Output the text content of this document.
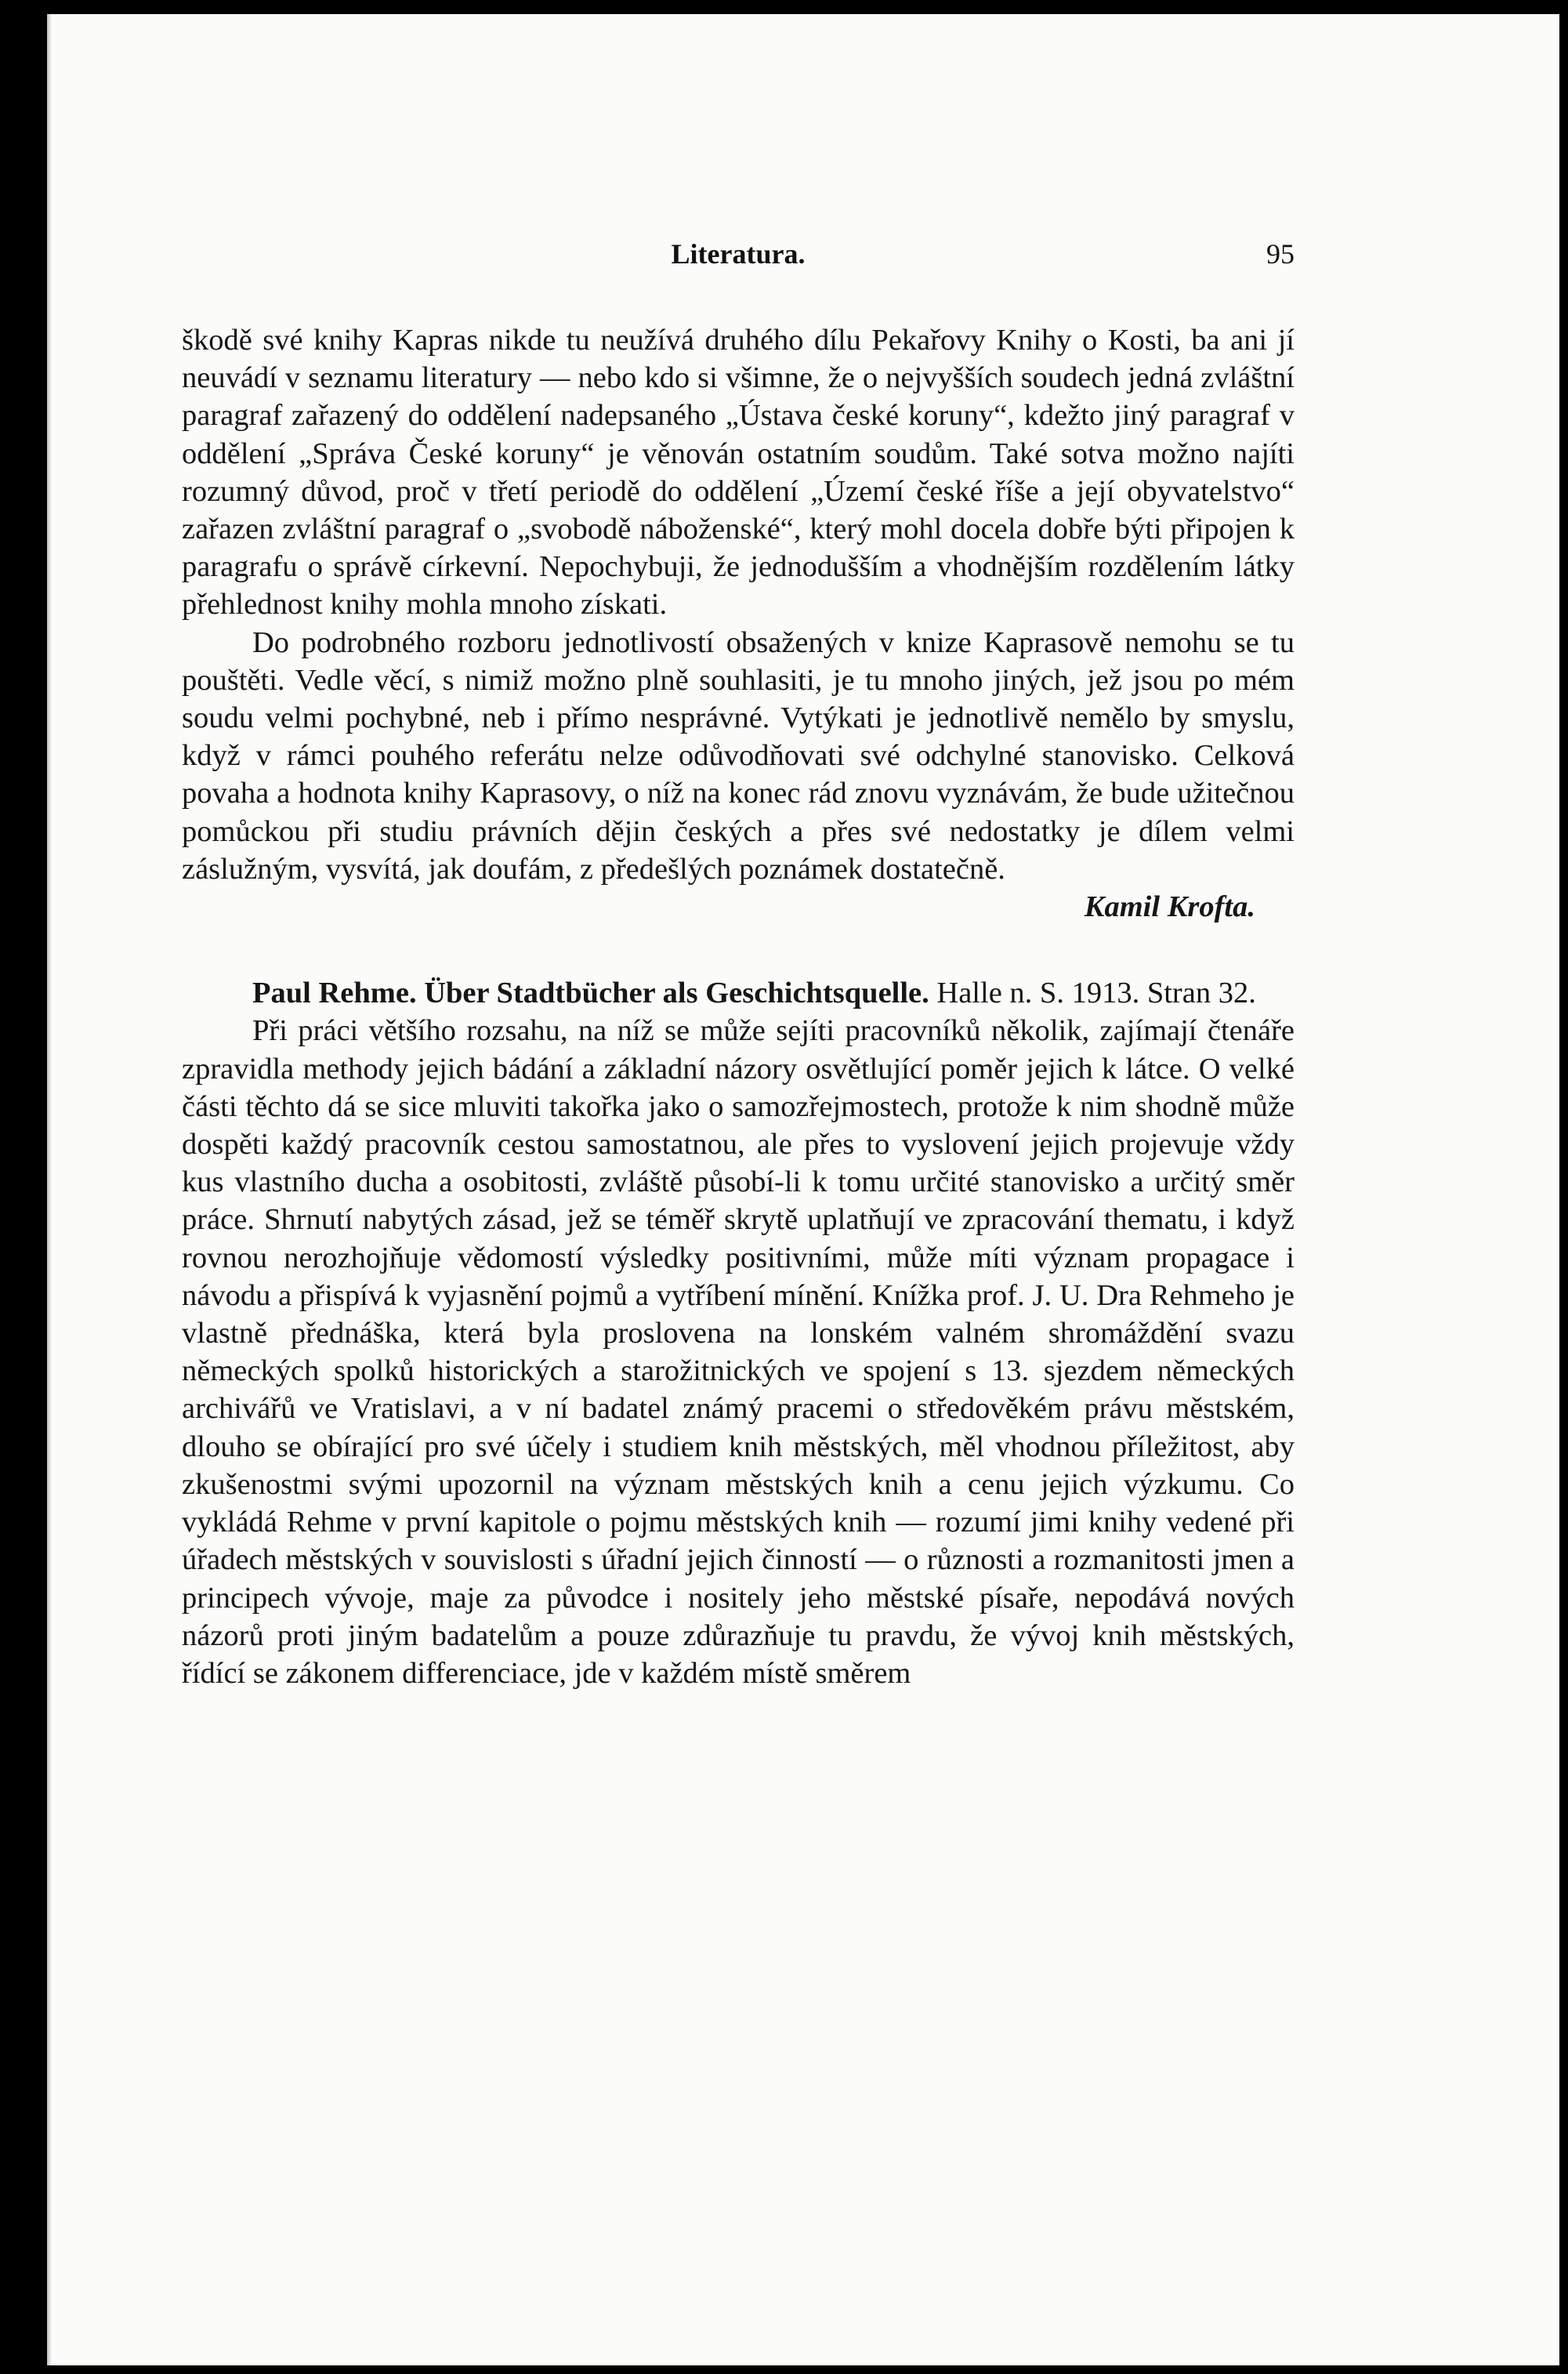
Literatura.	95

škodě své knihy Kapras nikde tu neužívá druhého dílu Pekařovy Knihy o Kosti, ba ani jí neuvádí v seznamu literatury — nebo kdo si všimne, že o nejvyšších soudech jedná zvláštní paragraf zařazený do oddělení nadepsaného „Ústava české koruny“, kdežto jiný paragraf v oddělení „Správa České koruny“ je věnován ostatním soudům. Také sotva možno najíti rozumný důvod, proč v třetí periodě do oddělení „Území české říše a její obyvatelstvo“ zařazen zvláštní paragraf o „svobodě náboženské“, který mohl docela dobře býti připojen k paragrafu o správě církevní. Nepochybuji, že jednodušším a vhodnějším rozdělením látky přehlednost knihy mohla mnoho získati.

Do podrobného rozboru jednotlivostí obsažených v knize Kaprasově nemohu se tu pouštěti. Vedle věcí, s nimiž možno plně souhlasiti, je tu mnoho jiných, jež jsou po mém soudu velmi pochybné, neb i přímo nesprávné. Vytýkati je jednotlivě nemělo by smyslu, když v rámci pouhého referátu nelze odůvodňovati své odchylné stanovisko. Celková povaha a hodnota knihy Kaprasovy, o níž na konec rád znovu vyznávám, že bude užitečnou pomůckou při studiu právních dějin českých a přes své nedostatky je dílem velmi záslužným, vysvítá, jak doufám, z předešlých poznámek dostatečně.

Kamil Krofta.

Paul Rehme. Über Stadtbücher als Geschichtsquelle. Halle n. S. 1913. Stran 32.

Při práci většího rozsahu, na níž se může sejíti pracovníků několik, zajímají čtenáře zpravidla methody jejich bádání a základní názory osvětlující poměr jejich k látce. O velké části těchto dá se sice mluviti takořka jako o samozřejmostech, protože k nim shodně může dospěti každý pracovník cestou samostatnou, ale přes to vyslovení jejich projevuje vždy kus vlastního ducha a osobitosti, zvláště působí-li k tomu určité stanovisko a určitý směr práce. Shrnutí nabytých zásad, jež se téměř skrytě uplatňují ve zpracování thematu, i když rovnou nerozhojňuje vědomostí výsledky positivními, může míti význam propagace i návodu a přispívá k vyjasnění pojmů a vytříbení mínění. Knížka prof. J. U. Dra Rehmeho je vlastně přednáška, která byla proslovena na lonském valném shromáždění svazu německých spolků historických a starožitnických ve spojení s 13. sjezdem německých archivářů ve Vratislavi, a v ní badatel známý pracemi o středověkém právu městském, dlouho se obírající pro své účely i studiem knih městských, měl vhodnou příležitost, aby zkušenostmi svými upozornil na význam městských knih a cenu jejich výzkumu. Co vykládá Rehme v první kapitole o pojmu městských knih — rozumí jimi knihy vedené při úřadech městských v souvislosti s úřadní jejich činností — o různosti a rozmanitosti jmen a principech vývoje, maje za původce i nositely jeho městské písaře, nepodává nových názorů proti jiným badatelům a pouze zdůrazňuje tu pravdu, že vývoj knih městských, řídící se zákonem differenciace, jde v každém místě směrem
